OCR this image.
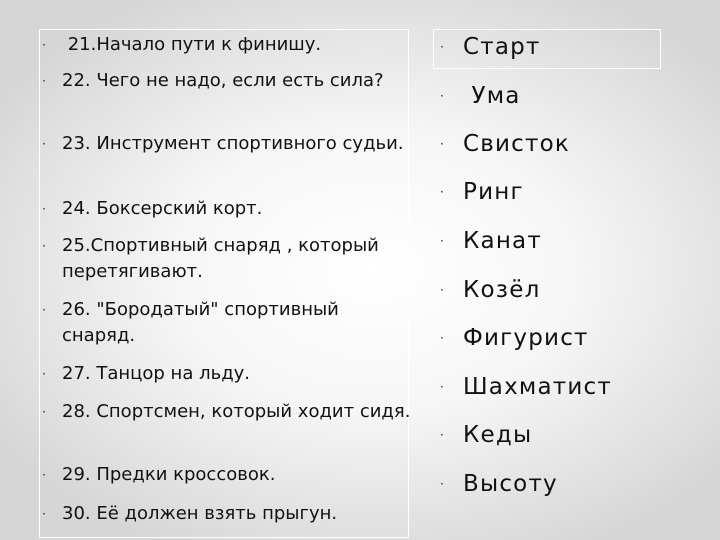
· 21.Начало пути к финишу.
· 22. Чего не надо, если есть сила?
· 23. Инструмент спортивного судьи.
· 24. Боксерский корт.
· 25.Спортивный снаряд , который  перетягивают.
· 26. "Бородатый" спортивный снаряд.
· 27. Танцор на льду.
· 28. Спортсмен, который ходит сидя.
· 29. Предки кроссовок.
· 30. Её должен взять прыгун.
· Старт
· Ума
· Свисток
· Ринг
· Канат
· Козёл
· Фигурист
· Шахматист
· Кеды
· Высоту
